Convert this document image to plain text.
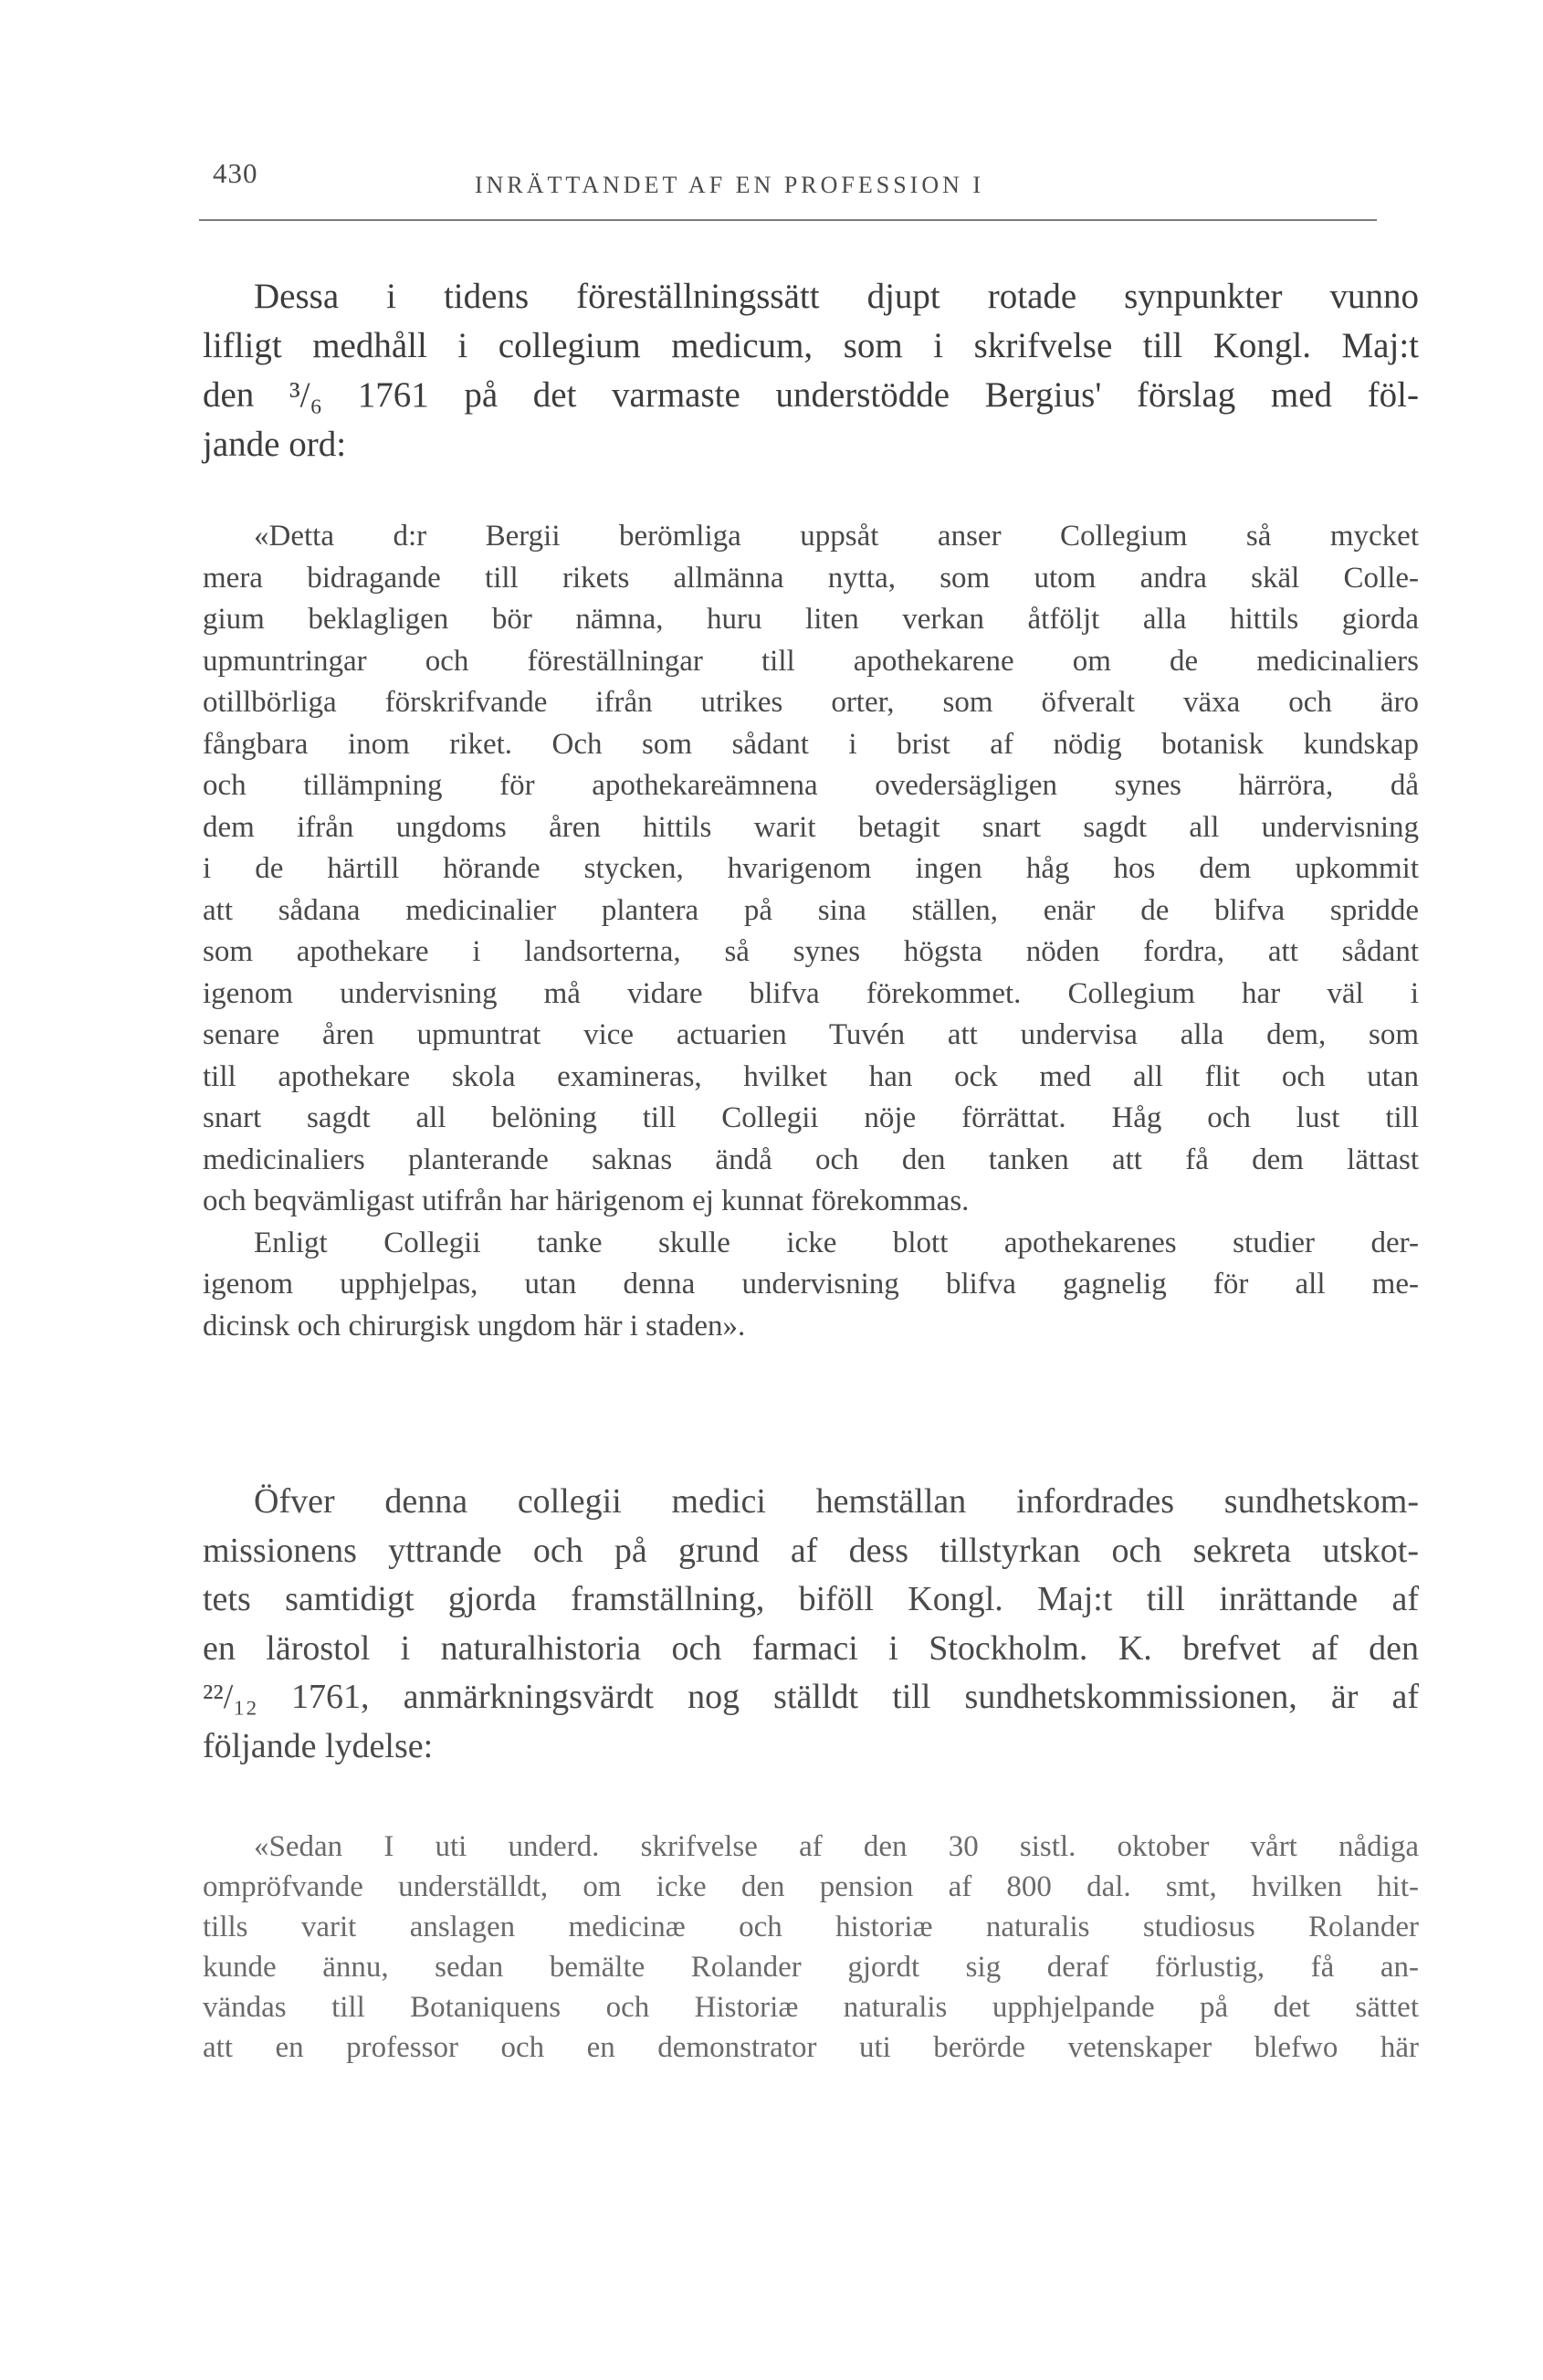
430	INRÄTTANDET AF EN PROFESSION I
Dessa i tidens föreställningssätt djupt rotade synpunkter vunno
lifligt medhåll i collegium medicum, som i skrifvelse till Kongl. Maj:t
den ³/₆ 1761 på det varmaste understödde Bergius' förslag med föl-
jande ord:
«Detta d:r Bergii berömliga uppsåt anser Collegium så mycket
mera bidragande till rikets allmänna nytta, som utom andra skäl Colle-
gium beklagligen bör nämna, huru liten verkan åtföljt alla hittils giorda
upmuntringar och föreställningar till apothekarene om de medicinaliers
otillbörliga förskrifvande ifrån utrikes orter, som öfveralt växa och äro
fångbara inom riket. Och som sådant i brist af nödig botanisk kundskap
och tillämpning för apothekareämnena ovedersägligen synes härröra, då
dem ifrån ungdoms åren hittils warit betagit snart sagdt all undervisning
i de härtill hörande stycken, hvarigenom ingen håg hos dem upkommit
att sådana medicinalier plantera på sina ställen, enär de blifva spridde
som apothekare i landsorterna, så synes högsta nöden fordra, att sådant
igenom undervisning må vidare blifva förekommet. Collegium har väl i
senare åren upmuntrat vice actuarien Tuvén att undervisa alla dem, som
till apothekare skola examineras, hvilket han ock med all flit och utan
snart sagdt all belöning till Collegii nöje förrättat. Håg och lust till
medicinaliers planterande saknas ändå och den tanken att få dem lättast
och beqvämligast utifrån har härigenom ej kunnat förekommas.
Enligt Collegii tanke skulle icke blott apothekarenes studier der-
igenom upphjelpas, utan denna undervisning blifva gagnelig för all me-
dicinsk och chirurgisk ungdom här i staden».
Öfver denna collegii medici hemställan infordrades sundhetskom-
missionens yttrande och på grund af dess tillstyrkan och sekreta utskot-
tets samtidigt gjorda framställning, biföll Kongl. Maj:t till inrättande af
en lärostol i naturalhistoria och farmaci i Stockholm. K. brefvet af den
²²/₁₂ 1761, anmärkningsvärdt nog ställdt till sundhetskommissionen, är af
följande lydelse:
«Sedan I uti underd. skrifvelse af den 30 sistl. oktober vårt nådiga
ompröfvande underställdt, om icke den pension af 800 dal. smt, hvilken hit-
tills varit anslagen medicinæ och historiæ naturalis studiosus Rolander
kunde ännu, sedan bemälte Rolander gjordt sig deraf förlustig, få an-
vändas till Botaniquens och Historiæ naturalis upphjelpande på det sättet
att en professor och en demonstrator uti berörde vetenskaper blefwo här
